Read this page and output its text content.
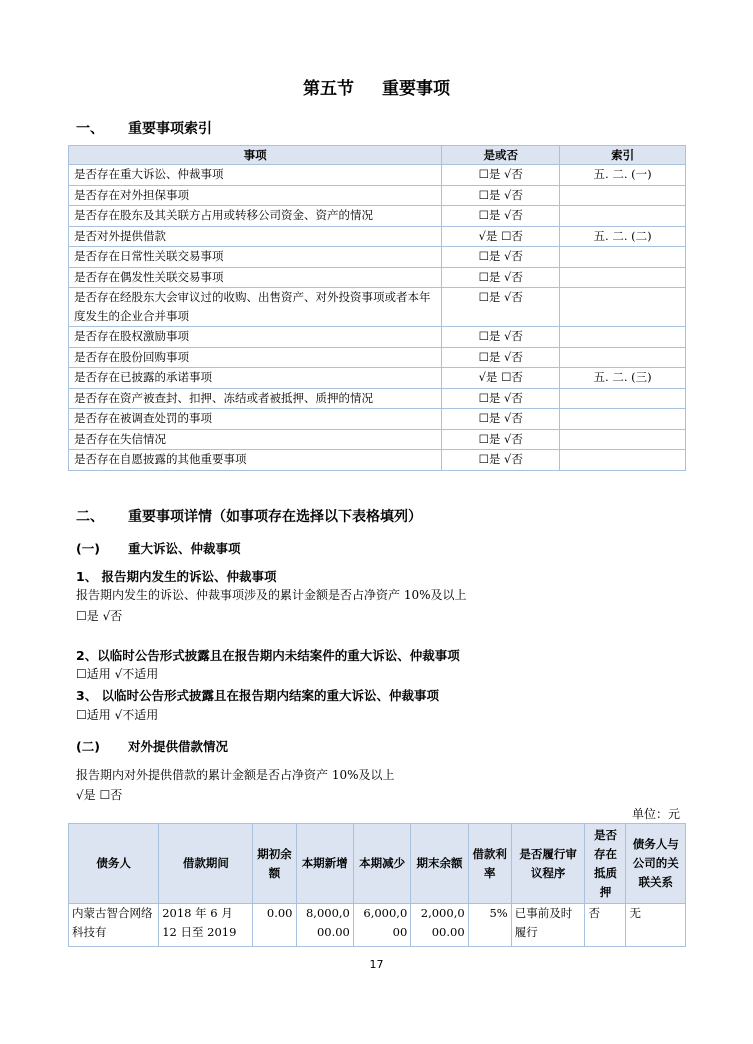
第五节 重要事项
一、 重要事项索引
事项	是或否	索引
是否存在重大诉讼、仲裁事项	☐是 √否	五. 二. (一)
是否存在对外担保事项	☐是 √否	
是否存在股东及其关联方占用或转移公司资金、资产的情况	☐是 √否	
是否对外提供借款	√是 ☐否	五. 二. (二)
是否存在日常性关联交易事项	☐是 √否	
是否存在偶发性关联交易事项	☐是 √否	
是否存在经股东大会审议过的收购、出售资产、对外投资事项或者本年度发生的企业合并事项	☐是 √否	
是否存在股权激励事项	☐是 √否	
是否存在股份回购事项	☐是 √否	
是否存在已披露的承诺事项	√是 ☐否	五. 二. (三)
是否存在资产被查封、扣押、冻结或者被抵押、质押的情况	☐是 √否	
是否存在被调查处罚的事项	☐是 √否	
是否存在失信情况	☐是 √否	
是否存在自愿披露的其他重要事项	☐是 √否	
二、 重要事项详情（如事项存在选择以下表格填列）
(一) 重大诉讼、仲裁事项
1、 报告期内发生的诉讼、仲裁事项
报告期内发生的诉讼、仲裁事项涉及的累计金额是否占净资产 10%及以上
☐是 √否
2、以临时公告形式披露且在报告期内未结案件的重大诉讼、仲裁事项
☐适用 √不适用
3、 以临时公告形式披露且在报告期内结案的重大诉讼、仲裁事项
☐适用 √不适用
(二) 对外提供借款情况
报告期内对外提供借款的累计金额是否占净资产 10%及以上
√是 ☐否
单位：元
债务人	借款期间	期初余额	本期新增	本期减少	期末余额	借款利率	是否履行审议程序	是否存在抵质押	债务人与公司的关联关系
内蒙古智合网络科技有	2018 年 6 月 12 日至 2019	0.00	8,000,000.00	6,000,000	2,000,000.00	5%	已事前及时履行	否	无
17
